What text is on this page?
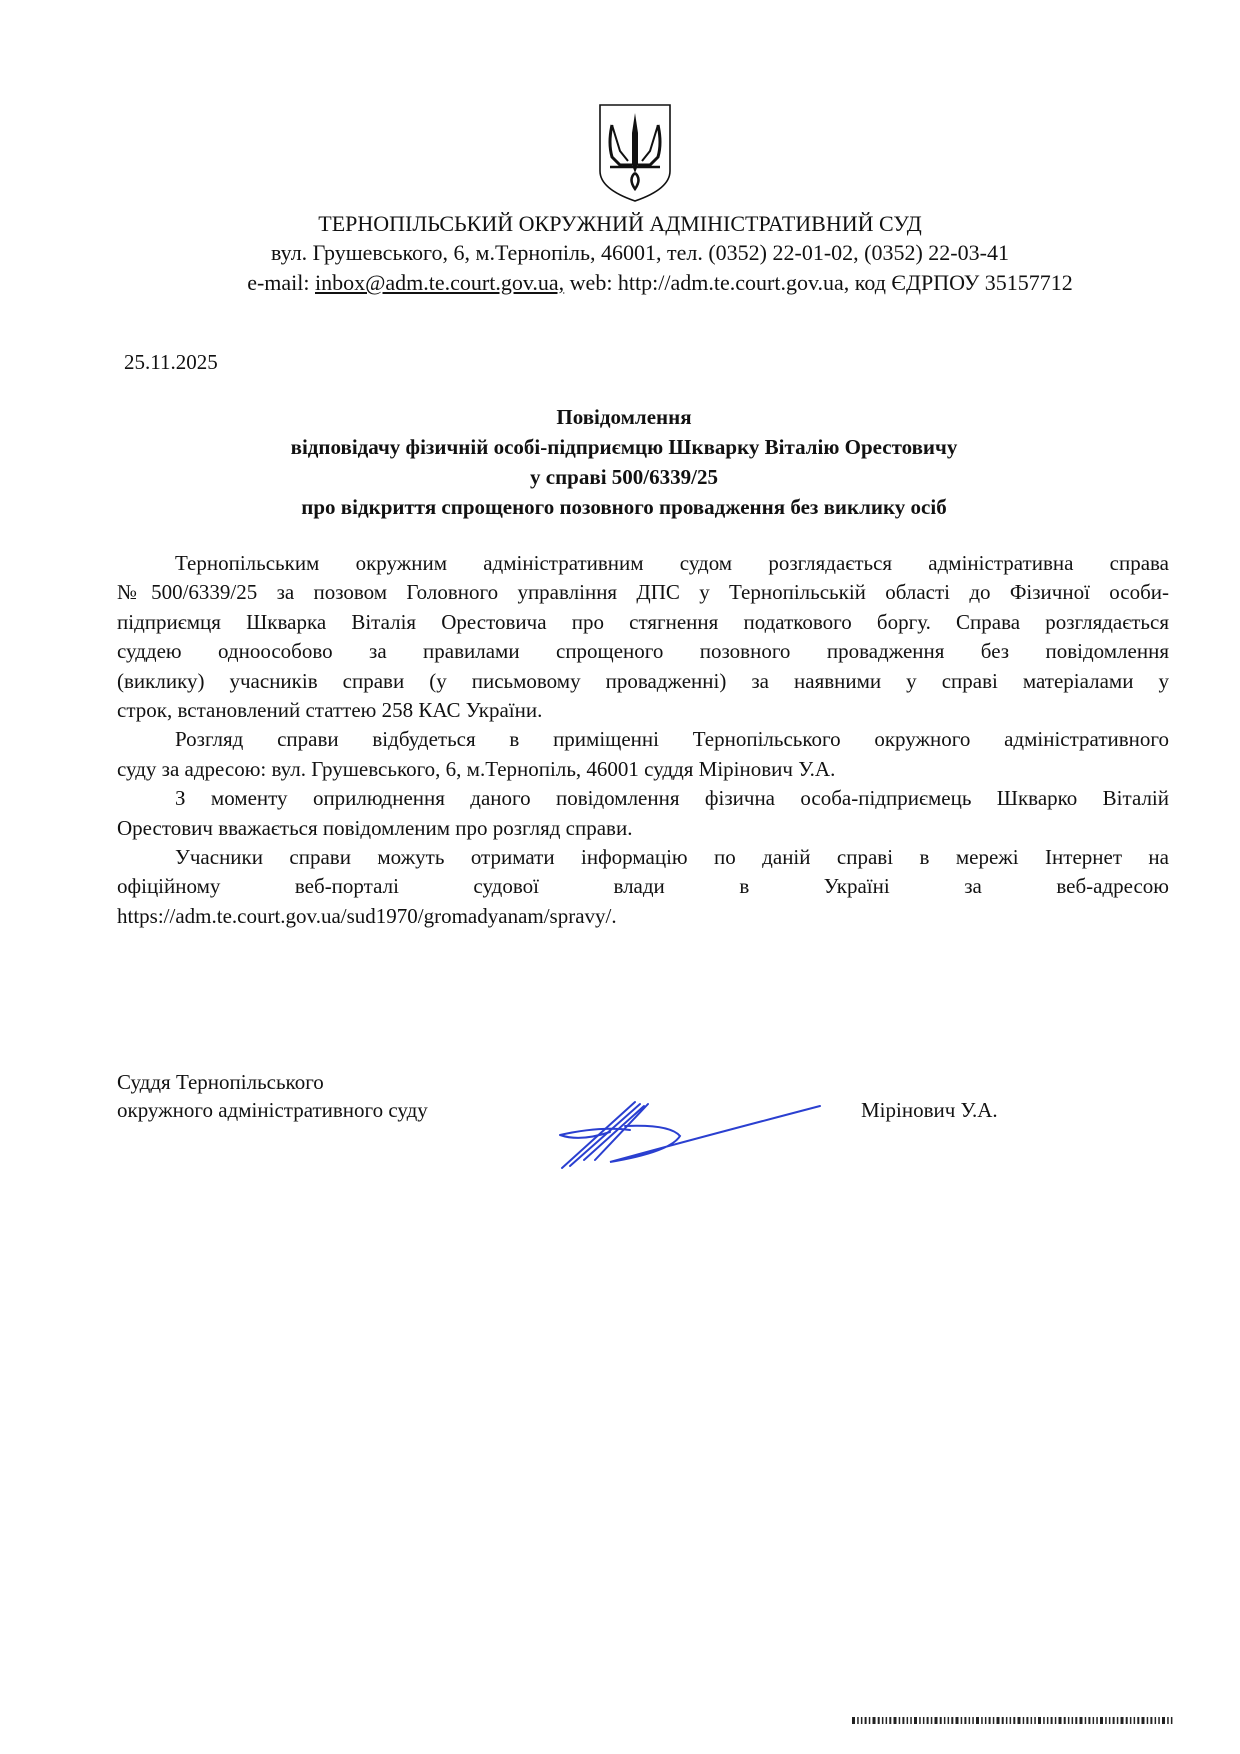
ТЕРНОПІЛЬСЬКИЙ ОКРУЖНИЙ АДМІНІСТРАТИВНИЙ СУД
вул. Грушевського, 6, м.Тернопіль, 46001, тел. (0352) 22-01-02, (0352) 22-03-41
e-mail: inbox@adm.te.court.gov.ua, web: http://adm.te.court.gov.ua, код ЄДРПОУ 35157712
25.11.2025
Повідомлення
відповідачу фізичній особі-підприємцю Шкварку Віталію Орестовичу
у справі 500/6339/25
про відкриття спрощеного позовного провадження без виклику осіб
Тернопільським окружним адміністративним судом розглядається адміністративна справа
№500/6339/25 за позовом Головного управління ДПС у Тернопільській області до Фізичної особи-
підприємця Шкварка Віталія Орестовича про стягнення податкового боргу. Справа розглядається
суддею одноособово за правилами спрощеного позовного провадження без повідомлення
(виклику) учасників справи (у письмовому провадженні) за наявними у справі матеріалами у
строк, встановлений статтею 258 КАС України.
Розгляд справи відбудеться в приміщенні Тернопільського окружного адміністративного
суду за адресою: вул. Грушевського, 6, м.Тернопіль, 46001 суддя Мірінович У.А.
З моменту оприлюднення даного повідомлення фізична особа-підприємець Шкварко Віталій
Орестович вважається повідомленим про розгляд справи.
Учасники справи можуть отримати інформацію по даній справі в мережі Інтернет на
офіційному веб-порталі судової влади в Україні за веб-адресою
https://adm.te.court.gov.ua/sud1970/gromadyanam/spravy/.
Суддя Тернопільського
окружного адміністративного суду	Мірінович У.А.
